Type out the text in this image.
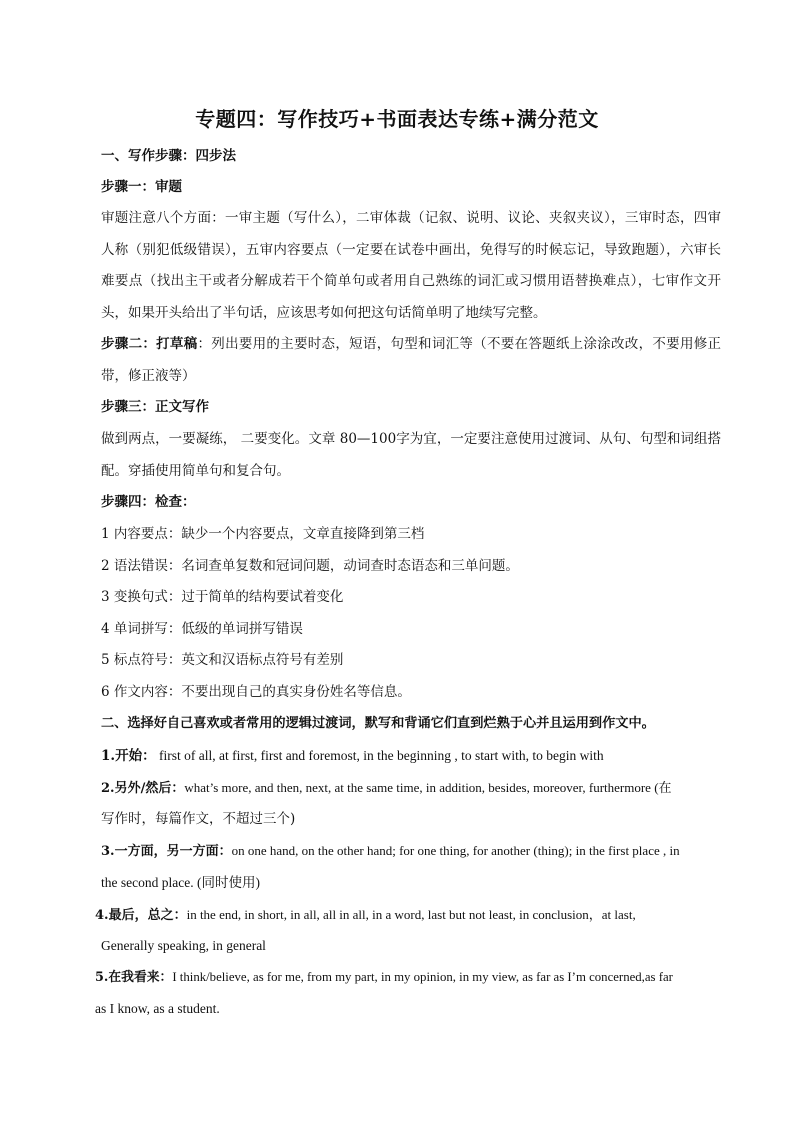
专题四：写作技巧+书面表达专练+满分范文
一、写作步骤：四步法
步骤一：审题
审题注意八个方面：一审主题（写什么），二审体裁（记叙、说明、议论、夹叙夹议），三审时态，四审人称（别犯低级错误），五审内容要点（一定要在试卷中画出，免得写的时候忘记，导致跑题），六审长难要点（找出主干或者分解成若干个简单句或者用自己熟练的词汇或习惯用语替换难点），七审作文开头，如果开头给出了半句话，应该思考如何把这句话简单明了地续写完整。
步骤二：打草稿：列出要用的主要时态，短语，句型和词汇等（不要在答题纸上涂涂改改，不要用修正带，修正液等）
步骤三：正文写作
做到两点，一要凝练， 二要变化。文章 80—100字为宜，一定要注意使用过渡词、从句、句型和词组搭配。穿插使用简单句和复合句。
步骤四：检查：
1 内容要点：缺少一个内容要点，文章直接降到第三档
2 语法错误：名词查单复数和冠词问题，动词查时态语态和三单问题。
3 变换句式：过于简单的结构要试着变化
4 单词拼写：低级的单词拼写错误
5 标点符号：英文和汉语标点符号有差别
6 作文内容：不要出现自己的真实身份姓名等信息。
二、选择好自己喜欢或者常用的逻辑过渡词，默写和背诵它们直到烂熟于心并且运用到作文中。
1.开始： first of all, at first, first and foremost, in the beginning , to start with, to begin with
2.另外/然后：what’s more, and then, next, at the same time, in addition, besides, moreover, furthermore (在
写作时，每篇作文，不超过三个)
3.一方面，另一方面：on one hand, on the other hand; for one thing, for another (thing); in the first place , in
the second place. (同时使用)
4.最后，总之：in the end, in short, in all, all in all, in a word, last but not least, in conclusion，at last,
Generally speaking, in general
5.在我看来：I think/believe, as for me, from my part, in my opinion, in my view, as far as I’m concerned,as far
as I know, as a student.
